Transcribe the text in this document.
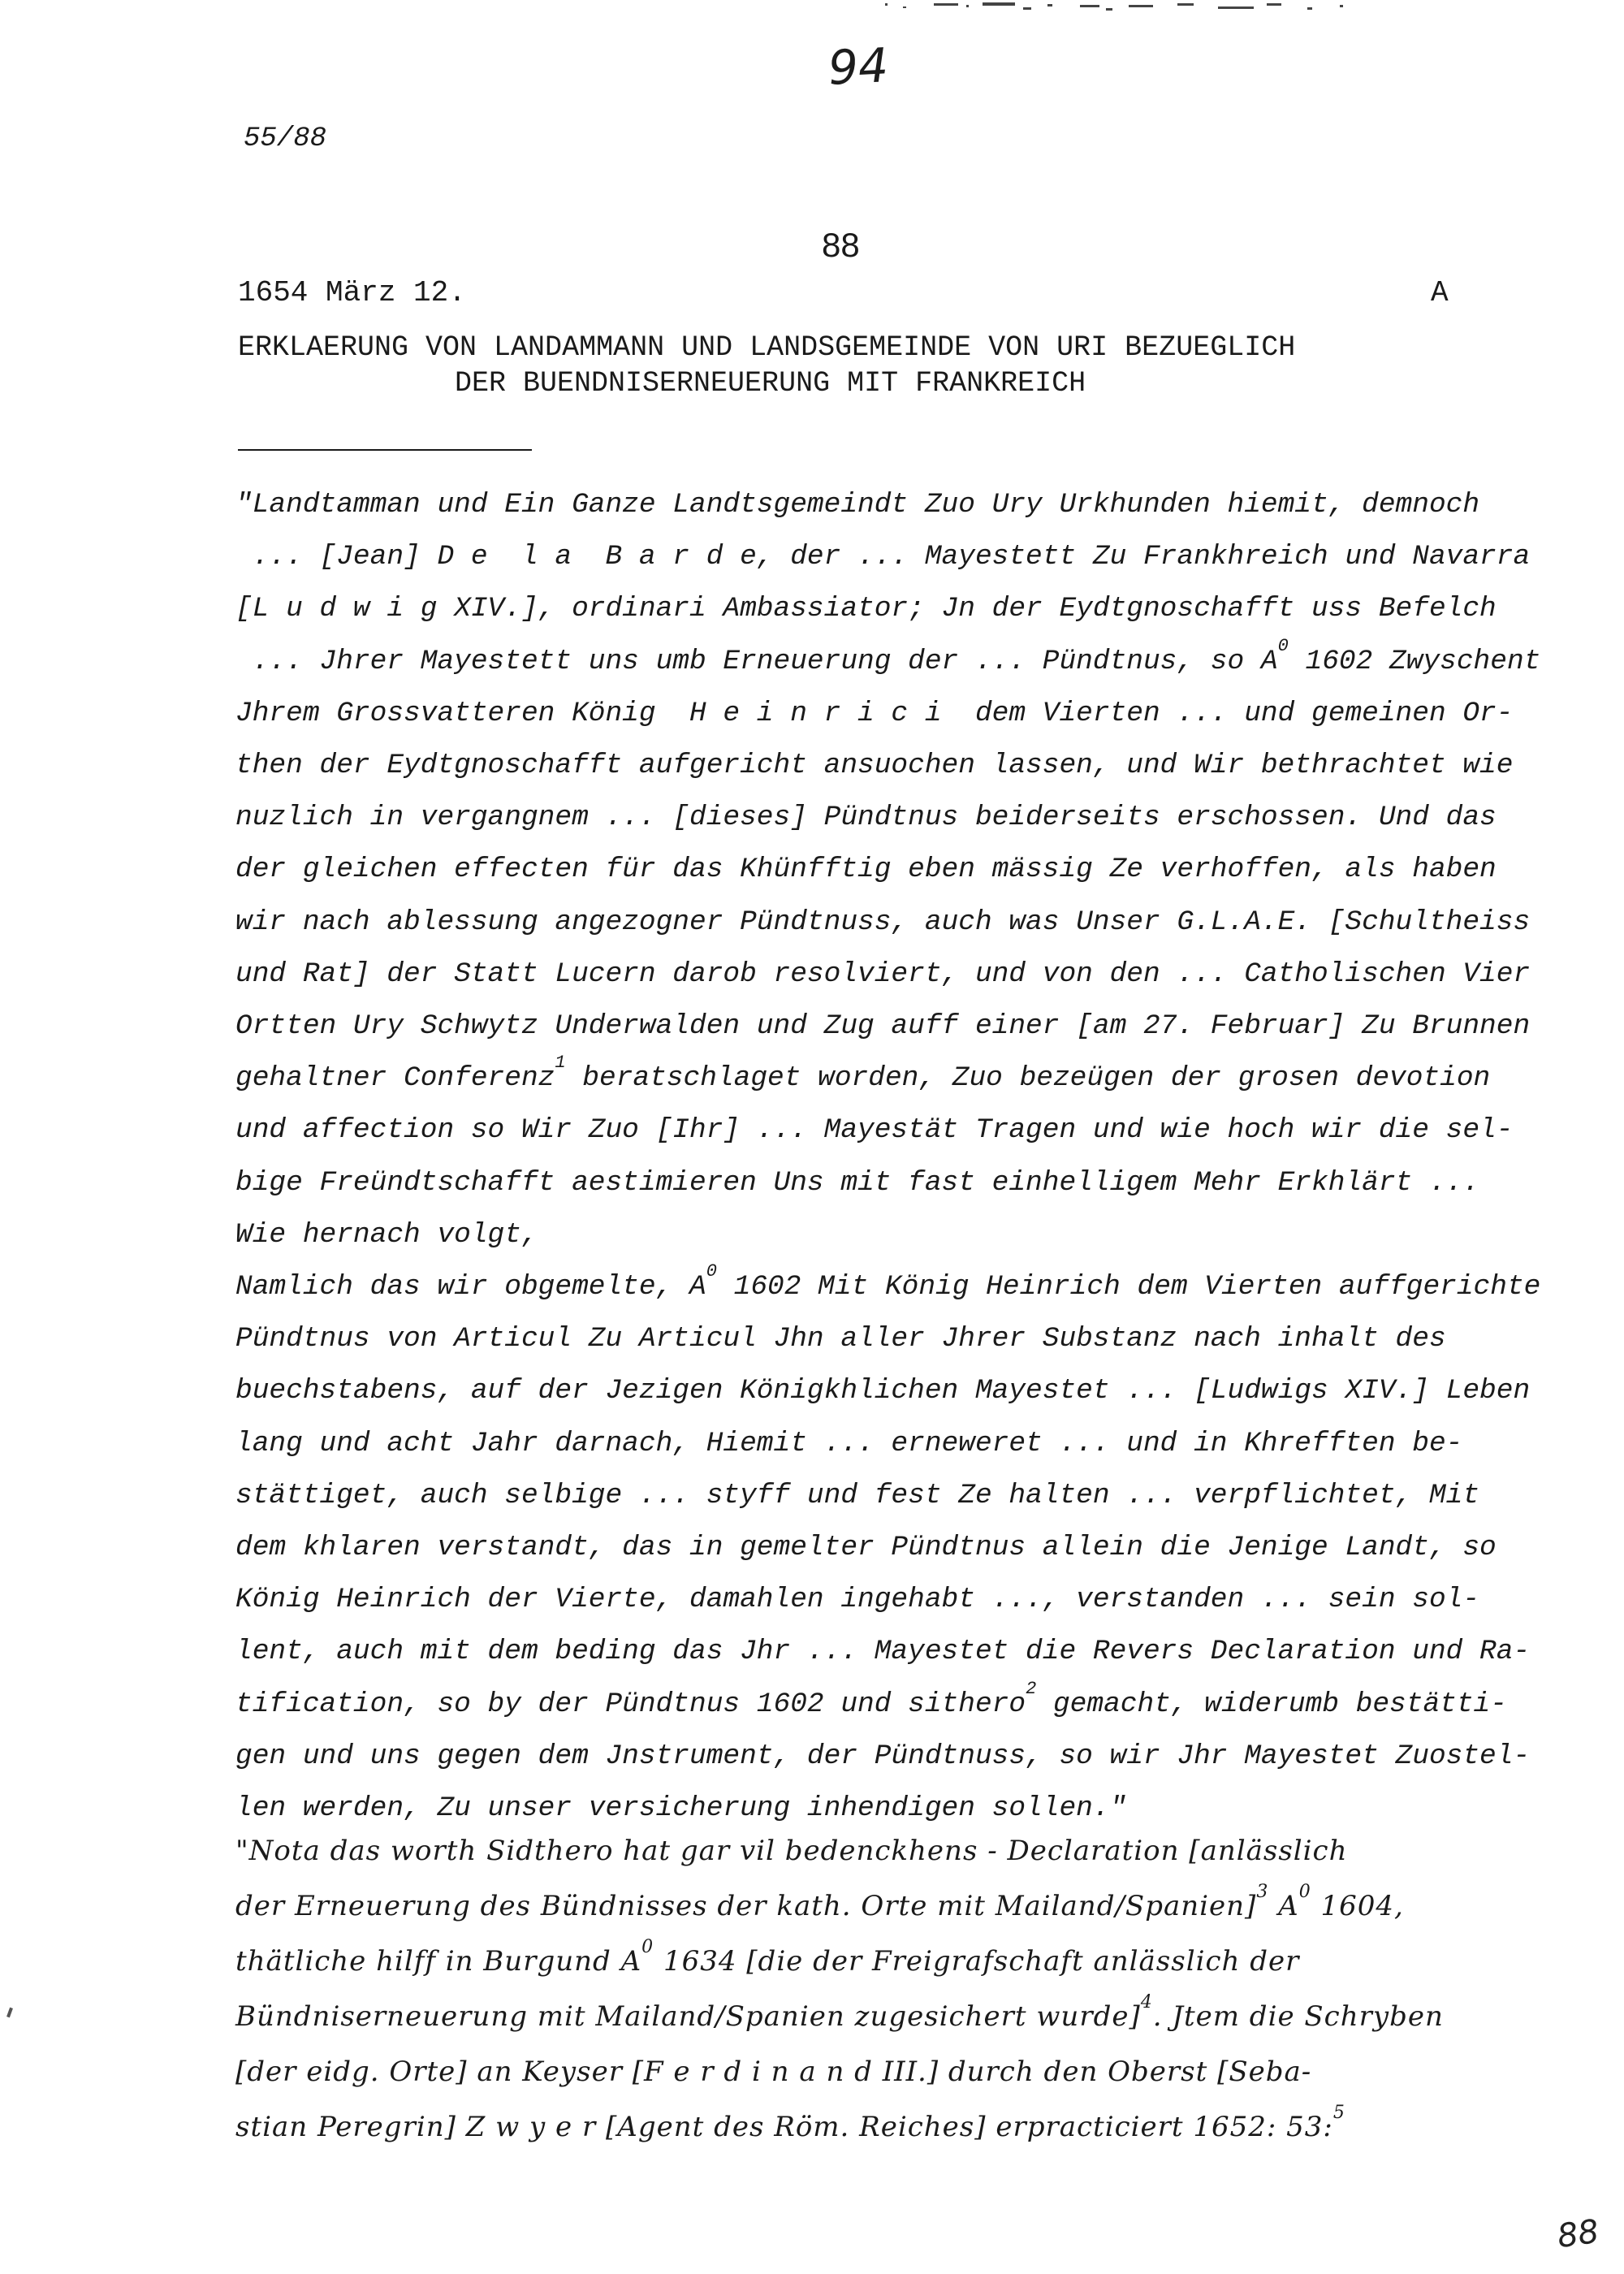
94
55/88
88
1654 März 12.	A
ERKLAERUNG VON LANDAMMANN UND LANDSGEMEINDE VON URI BEZUEGLICH
DER BUENDNISERNEUERUNG MIT FRANKREICH
"Landtamman und Ein Ganze Landtsgemeindt Zuo Ury Urkhunden hiemit, demnoch
... [Jean] D e  l a  B a r d e, der ... Mayestett Zu Frankhreich und Navarra
[L u d w i g XIV.], ordinari Ambassiator; Jn der Eydtgnoschafft uss Befelch
... Jhrer Mayestett uns umb Erneuerung der ... Pündtnus, so $A^0$ 1602 Zwyschent
Jhrem Grossvatteren König  H e i n r i c i  dem Vierten ... und gemeinen Or-
then der Eydtgnoschafft aufgericht ansuochen lassen, und Wir bethrachtet wie
nuzlich in vergangnem ... [dieses] Pündtnus beiderseits erschossen. Und das
der gleichen effecten für das Khünfftig eben mässig Ze verhoffen, als haben
wir nach ablessung angezogner Pündtnuss, auch was Unser G.L.A.E. [Schultheiss
und Rat] der Statt Lucern darob resolviert, und von den ... Catholischen Vier
Ortten Ury Schwytz Underwalden und Zug auff einer [am 27. Februar] Zu Brunnen
gehaltner Conferenz$^1$ beratschlaget worden, Zuo bezeügen der grosen devotion
und affection so Wir Zuo [Ihr] ... Mayestät Tragen und wie hoch wir die sel-
bige Freündtschafft aestimieren Uns mit fast einhelligem Mehr Erkhlärt ...
Wie hernach volgt,
Namlich das wir obgemelte, $A^0$ 1602 Mit König Heinrich dem Vierten auffgerichte
Pündtnus von Articul Zu Articul Jhn aller Jhrer Substanz nach inhalt des
buechstabens, auf der Jezigen Königkhlichen Mayestet ... [Ludwigs XIV.] Leben
lang und acht Jahr darnach, Hiemit ... erneweret ... und in Khrefften be-
stättiget, auch selbige ... styff und fest Ze halten ... verpflichtet, Mit
dem khlaren verstandt, das in gemelter Pündtnus allein die Jenige Landt, so
König Heinrich der Vierte, damahlen ingehabt ..., verstanden ... sein sol-
lent, auch mit dem beding das Jhr ... Mayestet die Revers Declaration und Ra-
tification, so by der Pündtnus 1602 und sithero$^2$ gemacht, widerumb bestätti-
gen und uns gegen dem Jnstrument, der Pündtnuss, so wir Jhr Mayestet Zuostel-
len werden, Zu unser versicherung inhendigen sollen."
"Nota das worth Sidthero hat gar vil bedenckhens - Declaration [anlässlich
der Erneuerung des Bündnisses der kath. Orte mit Mailand/Spanien]$^3$ $A^0$ 1604,
thätliche hilff in Burgund $A^0$ 1634 [die der Freigrafschaft anlässlich der
Bündniserneuerung mit Mailand/Spanien zugesichert wurde]$^4$. Jtem die Schryben
[der eidg. Orte] an Keyser [F e r d i n a n d III.] durch den Oberst [Seba-
stian Peregrin] Z w y e r [Agent des Röm. Reiches] erpracticiert 1652: 53:$^5$
88
